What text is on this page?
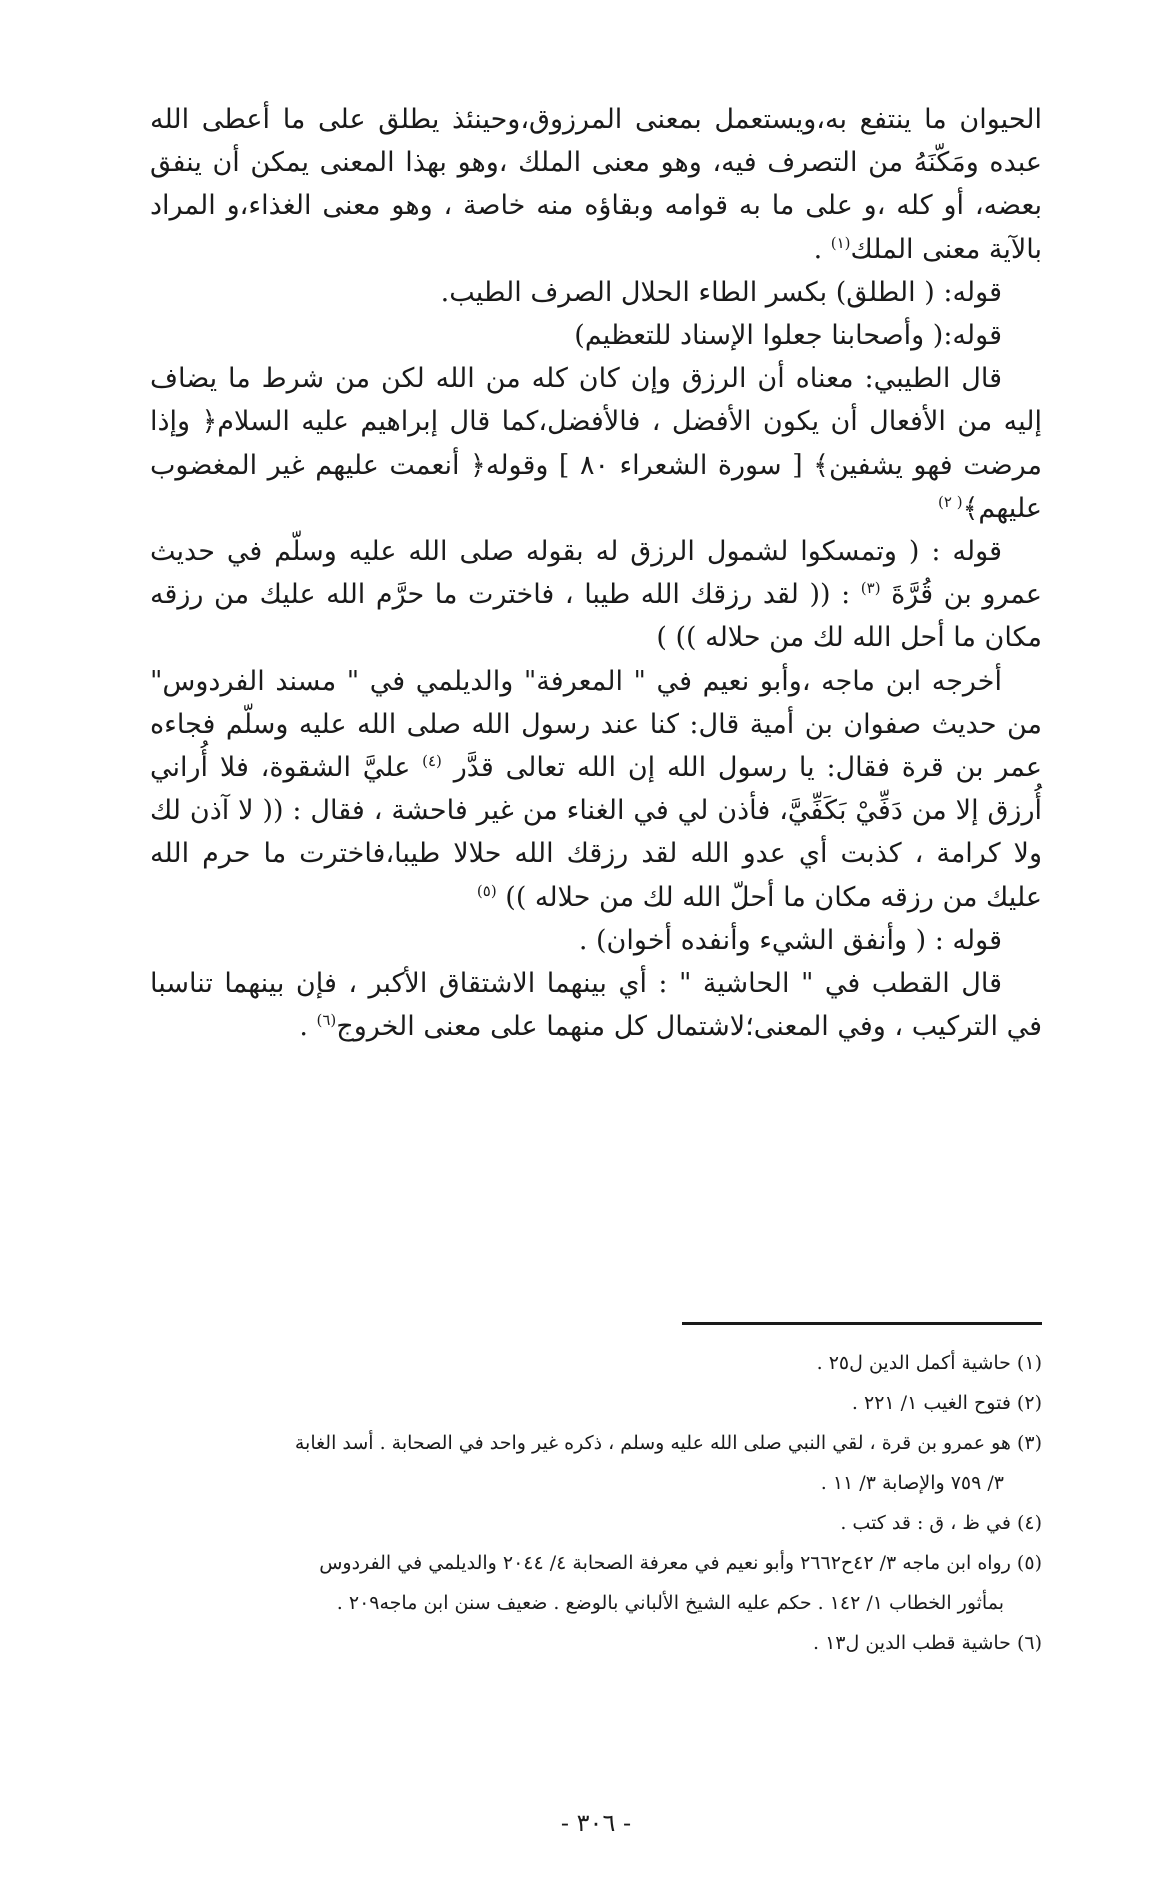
الحيوان ما ينتفع به،ويستعمل بمعنى المرزوق،وحينئذ يطلق على ما أعطى الله عبده ومَكّنَهُ من التصرف فيه، وهو معنى الملك ،وهو بهذا المعنى يمكن أن ينفق بعضه، أو كله ،و على ما به قوامه وبقاؤه منه خاصة ، وهو معنى الغذاء،و المراد بالآية معنى الملك$^{(١)}$ .

قوله: ( الطلق) بكسر الطاء الحلال الصرف الطيب.

قوله:( وأصحابنا جعلوا الإسناد للتعظيم)

قال الطيبي: معناه أن الرزق وإن كان كله من الله لكن من شرط ما يضاف إليه من الأفعال أن يكون الأفضل ، فالأفضل،كما قال إبراهيم عليه السلام﴿ وإذا مرضت فهو يشفين﴾ [ سورة الشعراء ٨٠ ] وقوله﴿ أنعمت عليهم غير المغضوب عليهم﴾$^{( ٢)}$

قوله : ( وتمسكوا لشمول الرزق له بقوله صلى الله عليه وسلّم في حديث عمرو بن قُرَّةَ $^{(٣)}$ : (( لقد رزقك الله طيبا ، فاخترت ما حرَّم الله عليك من رزقه مكان ما أحل الله لك من حلاله )) )

أخرجه ابن ماجه ،وأبو نعيم في " المعرفة" والديلمي في " مسند الفردوس" من حديث صفوان بن أمية قال: كنا عند رسول الله صلى الله عليه وسلّم فجاءه عمر بن قرة فقال: يا رسول الله إن الله تعالى قدَّر $^{(٤)}$ عليَّ الشقوة، فلا أُراني أُرزق إلا من دَفِّيْ بَكَفِّيَّ، فأذن لي في الغناء من غير فاحشة ، فقال : (( لا آذن لك ولا كرامة ، كذبت أي عدو الله لقد رزقك الله حلالا طيبا،فاخترت ما حرم الله عليك من رزقه مكان ما أحلّ الله لك من حلاله )) $^{(٥)}$

قوله : ( وأنفق الشيء وأنفده أخوان) .

قال القطب في " الحاشية " : أي بينهما الاشتقاق الأكبر ، فإن بينهما تناسبا في التركيب ، وفي المعنى؛لاشتمال كل منهما على معنى الخروج$^{(٦)}$ .

(١) حاشية أكمل الدين ل٢٥ .

(٢) فتوح الغيب ١/ ٢٢١ .

(٣) هو عمرو بن قرة ، لقي النبي صلى الله عليه وسلم ، ذكره غير واحد في الصحابة . أسد الغابة

٣/ ٧٥٩ والإصابة ٣/ ١١ .

(٤) في ظ ، ق : قد كتب .

(٥) رواه ابن ماجه ٣/ ٤٢ح٢٦٦٢ وأبو نعيم في معرفة الصحابة ٤/ ٢٠٤٤ والديلمي في الفردوس

بمأثور الخطاب ١/ ١٤٢ . حكم عليه الشيخ الألباني بالوضع . ضعيف سنن ابن ماجه٢٠٩ .

(٦) حاشية قطب الدين ل١٣ .

- ٣٠٦ -
